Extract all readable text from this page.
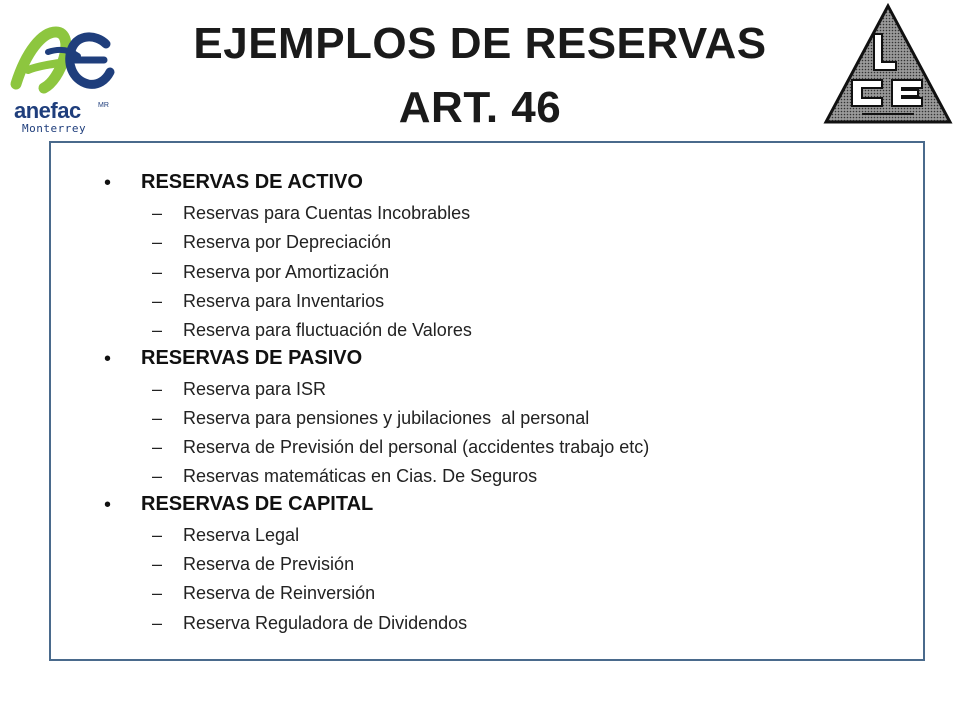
anefac MR
Monterrey
EJEMPLOS DE RESERVAS
ART. 46
• RESERVAS DE ACTIVO
– Reservas para Cuentas Incobrables
– Reserva por Depreciación
– Reserva por Amortización
– Reserva para Inventarios
– Reserva para fluctuación de Valores
• RESERVAS DE PASIVO
– Reserva para ISR
– Reserva para pensiones y jubilaciones  al personal
– Reserva de Previsión del personal (accidentes trabajo etc)
– Reservas matemáticas en Cias. De Seguros
• RESERVAS DE CAPITAL
– Reserva Legal
– Reserva de Previsión
– Reserva de Reinversión
– Reserva Reguladora de Dividendos
